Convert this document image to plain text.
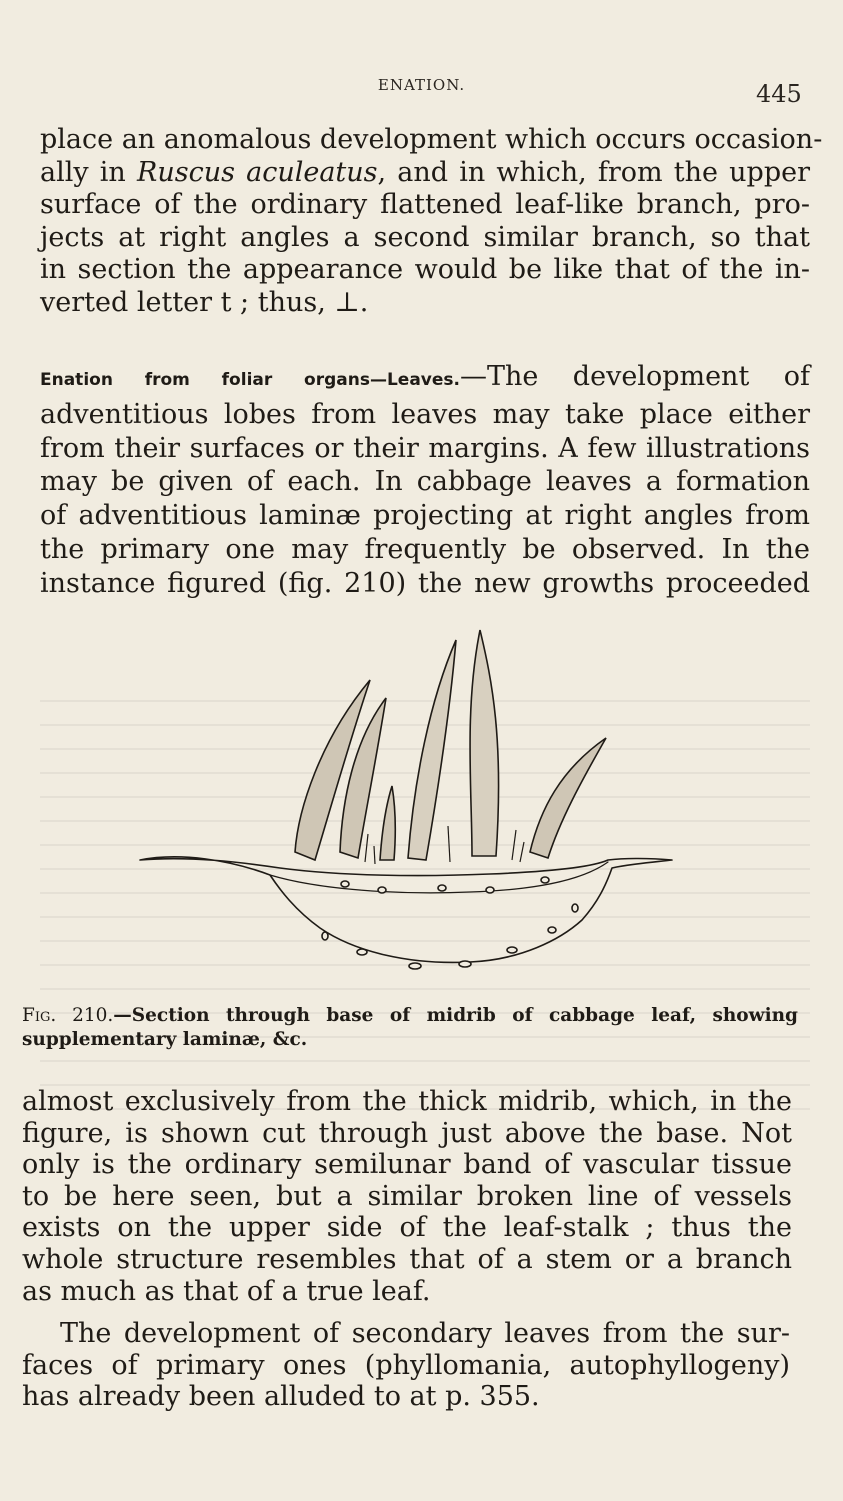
ENATION.	445

place an anomalous development which occurs occasion-
ally in Ruscus aculeatus, and in which, from the upper
surface of the ordinary flattened leaf-like branch, pro-
jects at right angles a second similar branch, so that
in section the appearance would be like that of the in-
verted letter t ; thus, ⊥.

Enation from foliar organs—Leaves.—The development of
adventitious lobes from leaves may take place either
from their surfaces or their margins. A few illustrations
may be given of each. In cabbage leaves a formation
of adventitious laminæ projecting at right angles from
the primary one may frequently be observed. In the
instance figured (fig. 210) the new growths proceeded

Fig. 210.—Section through base of midrib of cabbage leaf, showing
supplementary laminæ, &c.

almost exclusively from the thick midrib, which, in the
figure, is shown cut through just above the base. Not
only is the ordinary semilunar band of vascular tissue
to be here seen, but a similar broken line of vessels
exists on the upper side of the leaf-stalk ; thus the
whole structure resembles that of a stem or a branch
as much as that of a true leaf.

The development of secondary leaves from the sur-
faces of primary ones (phyllomania, autophyllogeny)
has already been alluded to at p. 355.
